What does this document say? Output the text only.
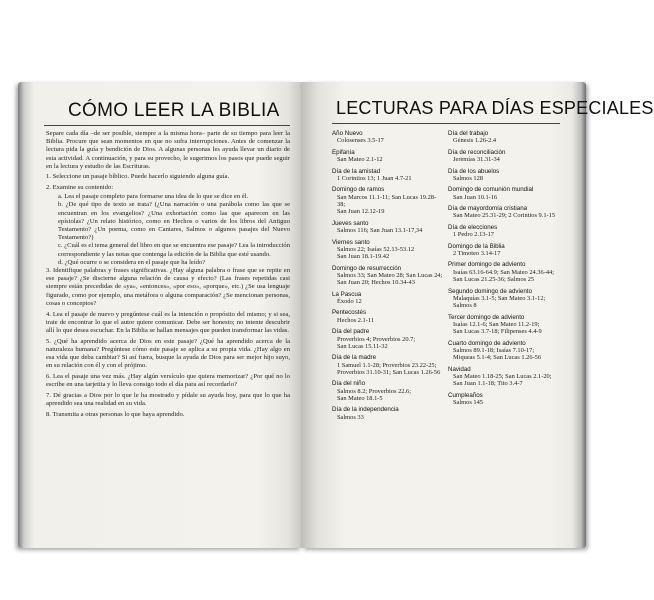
CÓMO LEER LA BIBLIA

Separe cada día –de ser posible, siempre a la misma hora– parte de su tiempo para leer la Biblia. Procure que sean momentos en que no sufra interrupciones. Antes de comenzar la lectura pida la guía y bendición de Dios. A algunas personas les ayuda llevar un diario de esta actividad. A continuación, y para su provecho, le sugerimos los pasos que puede seguir en la lectura y estudio de las Escrituras.

1. Seleccione un pasaje bíblico. Puede hacerlo siguiendo alguna guía.

2. Examine su contenido:

a. Lea el pasaje completo para formarse una idea de lo que se dice en él.

b. ¿De qué tipo de texto se trata? (¿Una narración o una parábola como las que se encuentran en los evangelios? ¿Una exhortación como las que aparecen en las epístolas? ¿Un relato histórico, como en Hechos o varios de los libros del Antiguo Testamento? ¿Un poema, como en Cantares, Salmos o algunos pasajes del Nuevo Testamento?)

c. ¿Cuál es el tema general del libro en que se encuentra ese pasaje? Lea la introducción correspondiente y las notas que contenga la edición de la Biblia que esté usando.

d. ¿Qué ocurre o se considera en el pasaje que ha leído?

3. Identifique palabras y frases significativas. ¿Hay alguna palabra o frase que se repite en ese pasaje? ¿Se discierne alguna relación de causa y efecto? (Las frases repetidas casi siempre están precedidas de «ya», «entonces», «por eso», «porque», etc.) ¿Se usa lenguaje figurado, como por ejemplo, una metáfora o alguna comparación? ¿Se mencionan personas, cosas o conceptos?

4. Lea el pasaje de nuevo y pregúntese cuál es la intención o propósito del mismo; y si sea, trate de encontrar lo que el autor quiere comunicar. Debe ser honesto; no intente descubrir allí lo que desea escuchar. En la Biblia se hallan mensajes que pueden transformar las vidas.

5. ¿Qué ha aprendido acerca de Dios en este pasaje? ¿Qué ha aprendido acerca de la naturaleza humana? Pregúntese cómo este pasaje se aplica a su propia vida. ¿Hay algo en esa vida que deba cambiar? Si así fuera, busque la ayuda de Dios para ser mejor hijo suyo, en su relación con él y con el prójimo.

6. Lea el pasaje una vez más. ¿Hay algún versículo que quiera memorizar? ¿Por qué no lo escribe en una tarjetita y lo lleva consigo todo el día para así recordarlo?

7. Dé gracias a Dios por lo que le ha mostrado y pídale su ayuda hoy, para que lo que ha aprendido sea una realidad en su vida.

8. Transmita a otras personas lo que haya aprendido.

LECTURAS PARA DÍAS ESPECIALES
Año Nuevo
Colosenses 3.5-17
Epifanía
San Mateo 2.1-12
Día de la amistad
1 Corintios 13; 1 Juan 4.7-21
Domingo de ramos
San Marcos 11.1-11; San Lucas 19.28-38;
San Juan 12.12-19
Jueves santo
Salmos 116; San Juan 13.1-17,34
Viernes santo
Salmos 22; Isaías 52.13-53.12
San Juan 18.1-19.42
Domingo de resurrección
Salmos 33; San Mateo 28; San Lucas 24;
San Juan 20; Hechos 10.34-43
La Pascua
Éxodo 12
Pentecostés
Hechos 2.1-11
Día del padre
Proverbios 4; Proverbios 20.7;
San Lucas 15.11-32
Día de la madre
1 Samuel 1.1-28; Proverbios 23.22-25;
Proverbios 31.10-31; San Lucas 1.26-56
Día del niño
Salmos 8.2; Proverbios 22.6;
San Mateo 18.1-5
Día de la independencia
Salmos 33
Día del trabajo
Génesis 1.26-2.4
Día de reconciliación
Jeremías 31.31-34
Día de los abuelos
Salmos 128
Domingo de comunión mundial
San Juan 10.1-16
Día de mayordomía cristiana
San Mateo 25.31-29; 2 Corintios 9.1-15
Día de elecciones
1 Pedro 2.13-17
Domingo de la Biblia
2 Timoteo 3.14-17
Primer domingo de adviento
Isaías 63.16-64.9; San Mateo 24.36-44;
San Lucas 21.25-36; Salmos 25
Segundo domingo de adviento
Malaquías 3.1-5; San Mateo 3.1-12;
Salmos 8
Tercer domingo de adviento
Isaías 12.1-6; San Mateo 11.2-19;
San Lucas 3.7-18; Filipenses 4.4-9
Cuarto domingo de adviento
Salmos 89.1-18; Isaías 7.10-17;
Miqueas 5.1-4; San Lucas 1.26-56
Navidad
San Mateo 1.18-25; San Lucas 2.1-20;
San Juan 1.1-18; Tito 3.4-7
Cumpleaños
Salmos 145
